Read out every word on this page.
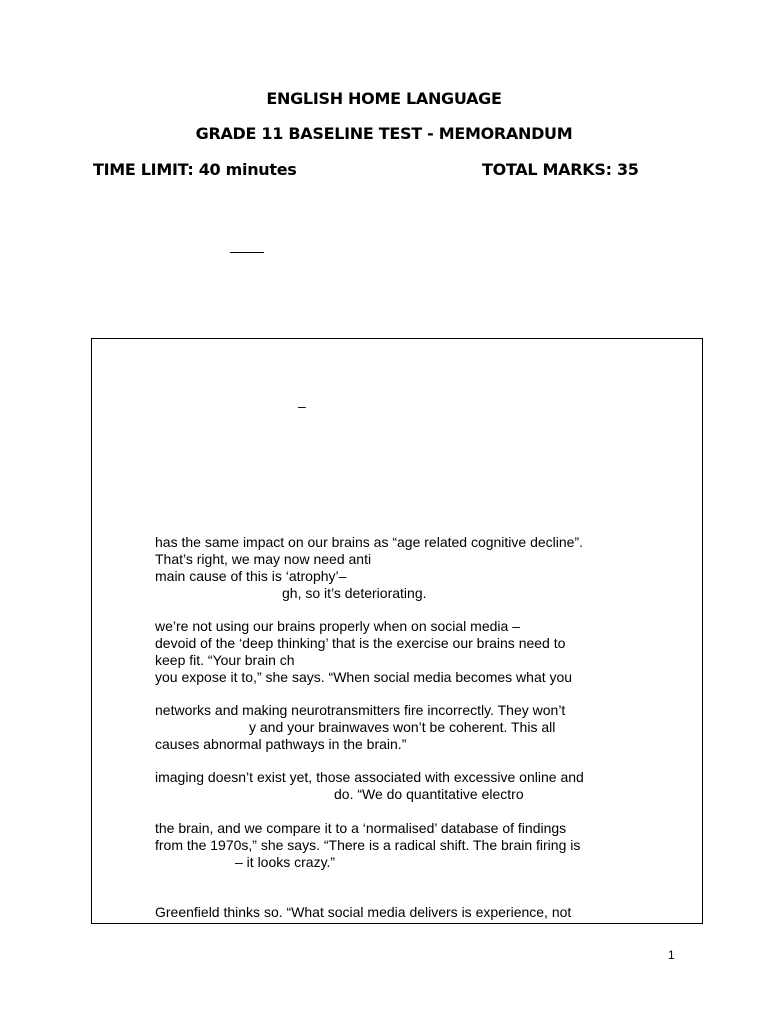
ENGLISH HOME LANGUAGE
GRADE 11 BASELINE TEST - MEMORANDUM
TIME LIMIT: 40 minutes	TOTAL MARKS: 35
–
has the same impact on our brains as “age related cognitive decline”.
That’s right, we may now need anti
main cause of this is ‘atrophy’–
gh, so it’s deteriorating.
we’re not using our brains properly when on social media –
devoid of the ‘deep thinking’ that is the exercise our brains need to
keep fit. “Your brain ch
you expose it to,” she says. “When social media becomes what you
networks and making neurotransmitters fire incorrectly. They won’t
y and your brainwaves won’t be coherent. This all
causes abnormal pathways in the brain.”
imaging doesn’t exist yet, those associated with excessive online and
do. “We do quantitative electro
the brain, and we compare it to a ‘normalised’ database of findings
from the 1970s,” she says. “There is a radical shift. The brain firing is
– it looks crazy.”
Greenfield thinks so. “What social media delivers is experience, not
1
